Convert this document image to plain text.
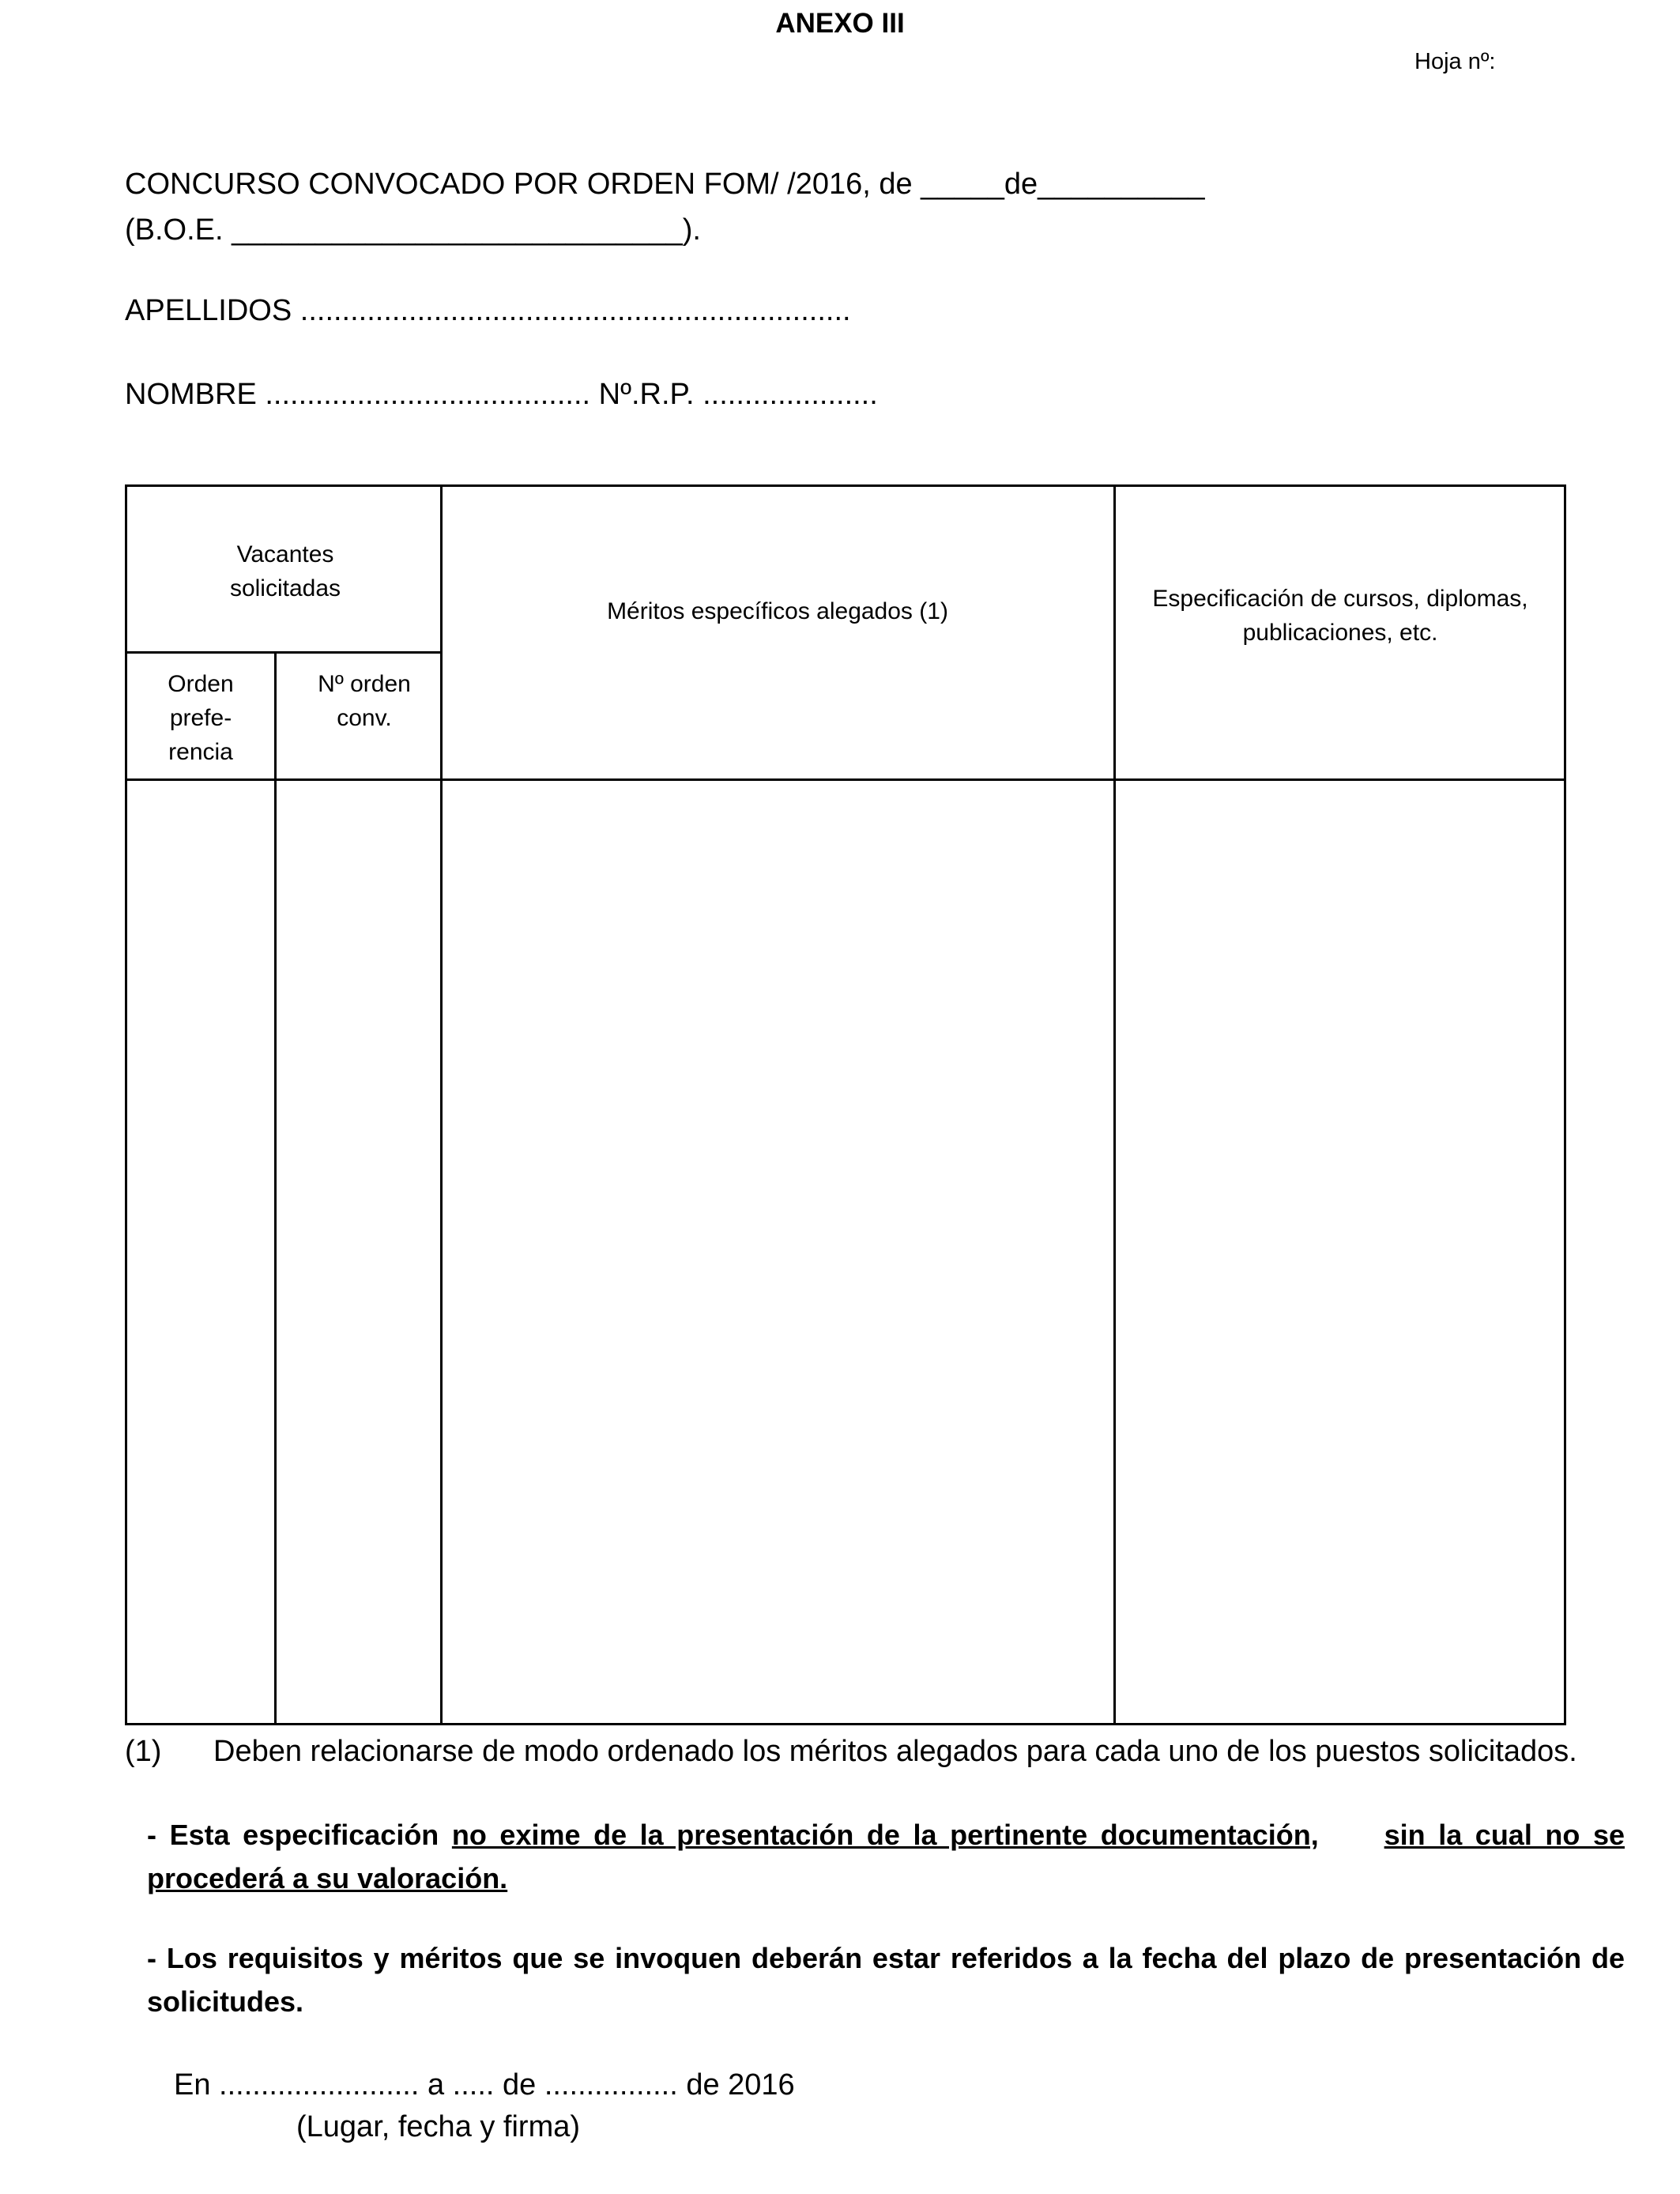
ANEXO III
Hoja nº:
CONCURSO CONVOCADO POR ORDEN FOM/ /2016, de _____de__________
(B.O.E. ___________________________).
APELLIDOS ..................................................................
NOMBRE ....................................... Nº.R.P. .....................
Vacantes solicitadas
Orden prefe- rencia
Nº orden conv.
Méritos específicos alegados (1)	Especificación de cursos, diplomas, publicaciones, etc.
(1) Deben relacionarse de modo ordenado los méritos alegados para cada uno de los puestos solicitados.
- Esta especificación no exime de la presentación de la pertinente documentación, sin la cual no se procederá a su valoración.
- Los requisitos y méritos que se invoquen deberán estar referidos a la fecha del plazo de presentación de solicitudes.
En ........................ a ..... de ................ de 2016
(Lugar, fecha y firma)
